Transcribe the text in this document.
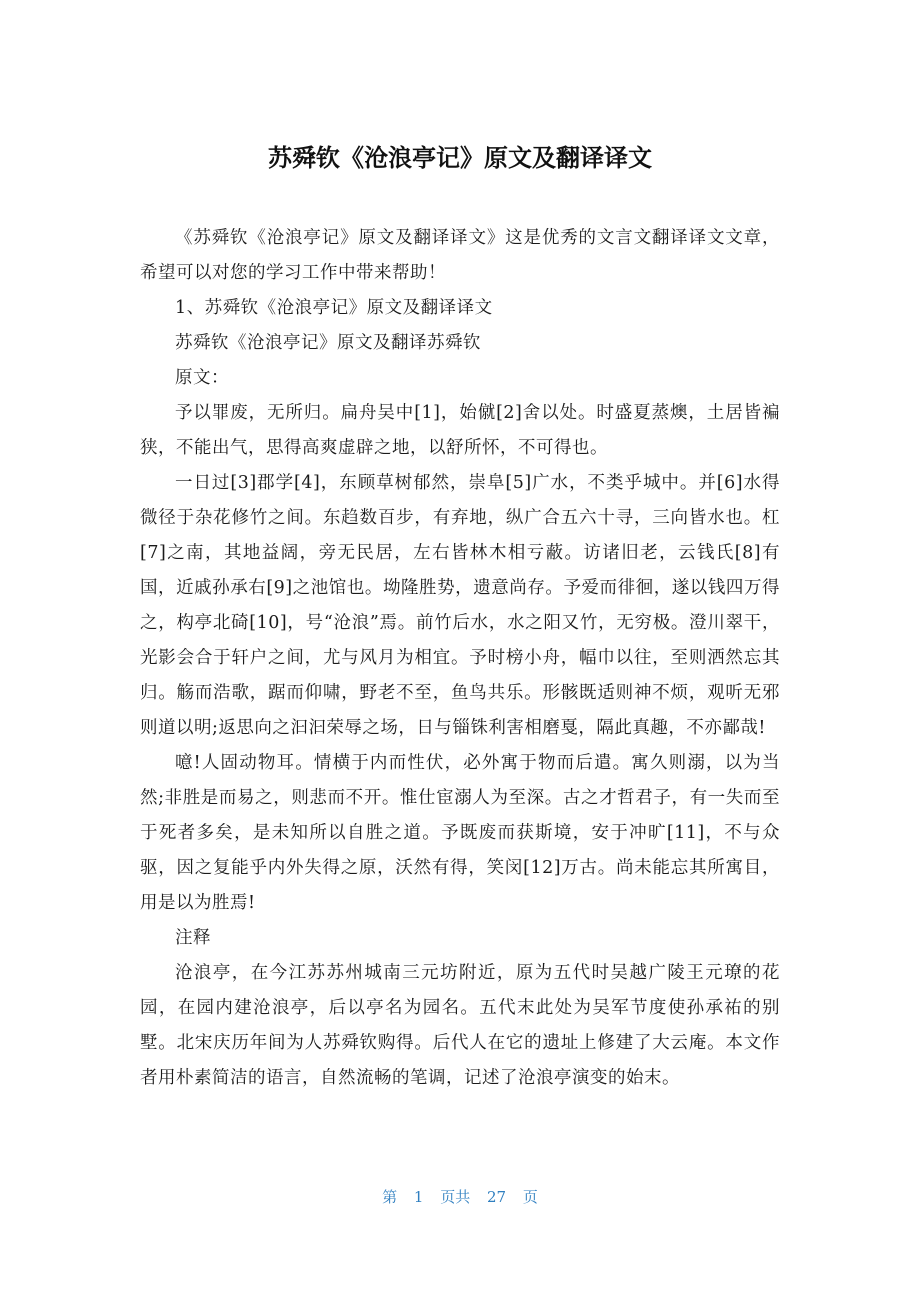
苏舜钦《沧浪亭记》原文及翻译译文

《苏舜钦《沧浪亭记》原文及翻译译文》这是优秀的文言文翻译译文文章，希望可以对您的学习工作中带来帮助！

1、苏舜钦《沧浪亭记》原文及翻译译文

苏舜钦《沧浪亭记》原文及翻译苏舜钦

原文：

予以罪废，无所归。扁舟吴中[1]，始僦[2]舍以处。时盛夏蒸燠，土居皆褊狭，不能出气，思得高爽虚辟之地，以舒所怀，不可得也。

一日过[3]郡学[4]，东顾草树郁然，崇阜[5]广水，不类乎城中。并[6]水得微径于杂花修竹之间。东趋数百步，有弃地，纵广合五六十寻，三向皆水也。杠[7]之南，其地益阔，旁无民居，左右皆林木相亏蔽。访诸旧老，云钱氏[8]有国，近戚孙承右[9]之池馆也。坳隆胜势，遗意尚存。予爱而徘徊，遂以钱四万得之，构亭北碕[10]，号“沧浪”焉。前竹后水，水之阳又竹，无穷极。澄川翠干，光影会合于轩户之间，尤与风月为相宜。予时榜小舟，幅巾以往，至则洒然忘其归。觞而浩歌，踞而仰啸，野老不至，鱼鸟共乐。形骸既适则神不烦，观听无邪则道以明;返思向之汩汩荣辱之场，日与锱铢利害相磨戛，隔此真趣，不亦鄙哉!

噫!人固动物耳。情横于内而性伏，必外寓于物而后遣。寓久则溺，以为当然;非胜是而易之，则悲而不开。惟仕宦溺人为至深。古之才哲君子，有一失而至于死者多矣，是未知所以自胜之道。予既废而获斯境，安于冲旷[11]，不与众驱，因之复能乎内外失得之原，沃然有得，笑闵[12]万古。尚未能忘其所寓目，用是以为胜焉!

注释

沧浪亭，在今江苏苏州城南三元坊附近，原为五代时吴越广陵王元璙的花园，在园内建沧浪亭，后以亭名为园名。五代末此处为吴军节度使孙承祐的别墅。北宋庆历年间为人苏舜钦购得。后代人在它的遗址上修建了大云庵。本文作者用朴素简洁的语言，自然流畅的笔调，记述了沧浪亭演变的始末。

第 1 页共 27 页
